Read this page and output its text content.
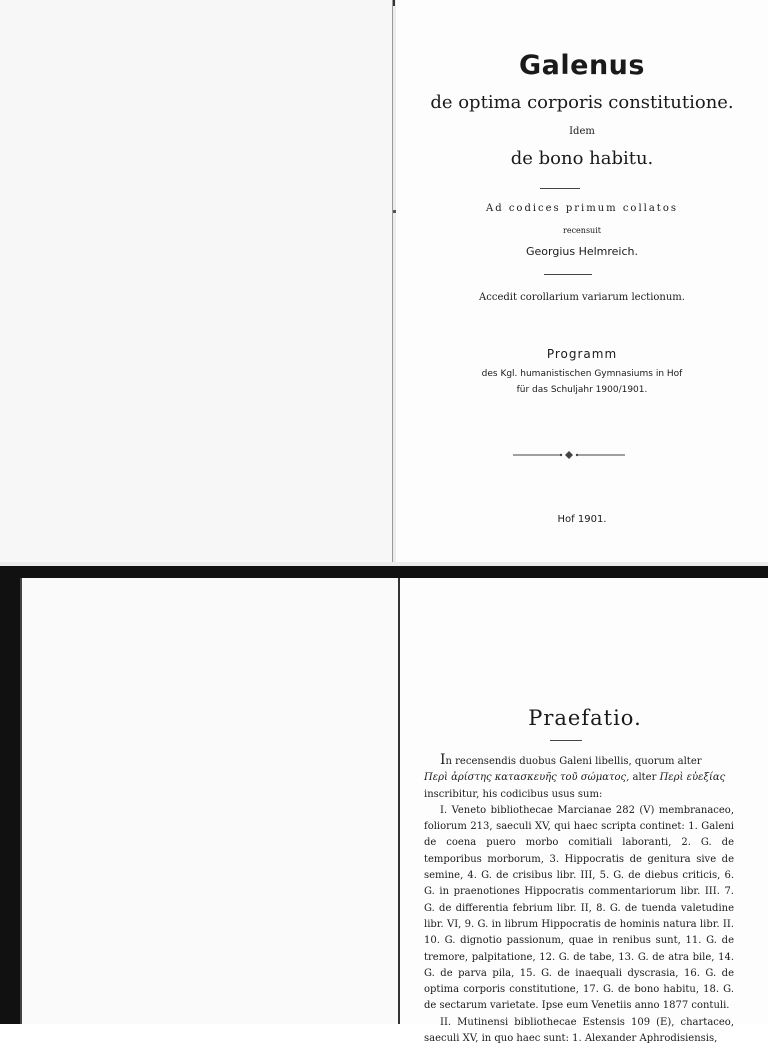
Galenus
de optima corporis constitutione.
Idem
de bono habitu.
Ad codices primum collatos
recensuit
Georgius Helmreich.
Accedit corollarium variarum lectionum.
Programm
des Kgl. humanistischen Gymnasiums in Hof
für das Schuljahr 1900/1901.
Hof 1901.
Praefatio.

In recensendis duobus Galeni libellis, quorum alter

Περὶ ἀρίστης κατασκευῆς τοῦ σώματος, alter Περὶ εὐεξίας

inscribitur, his codicibus usus sum:

I. Veneto bibliothecae Marcianae 282 (V) membranaceo, foliorum 213, saeculi XV, qui haec scripta continet: 1. Galeni de coena puero morbo comitiali laboranti, 2. G. de temporibus morborum, 3. Hippocratis de genitura sive de semine, 4. G. de crisibus libr. III, 5. G. de diebus criticis, 6. G. in praenotiones Hippocratis commentariorum libr. III. 7. G. de differentia febrium libr. II, 8. G. de tuenda valetudine libr. VI, 9. G. in librum Hippocratis de hominis natura libr. II. 10. G. dignotio passionum, quae in renibus sunt, 11. G. de tremore, palpitatione, 12. G. de tabe, 13. G. de atra bile, 14. G. de parva pila, 15. G. de inaequali dyscrasia, 16. G. de optima corporis constitutione, 17. G. de bono habitu, 18. G. de sectarum varietate. Ipse eum Venetiis anno 1877 contuli.

II. Mutinensi bibliothecae Estensis 109 (E), chartaceo, saeculi XV, in quo haec sunt: 1. Alexander Aphrodisiensis,
